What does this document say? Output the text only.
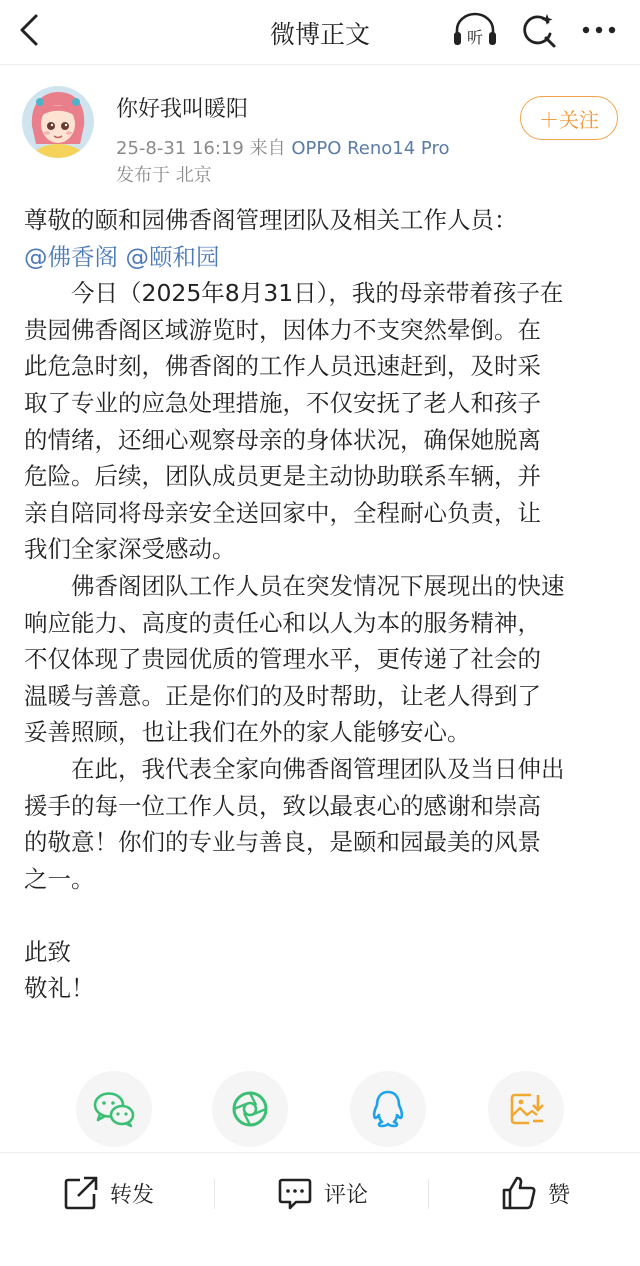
微博正文	听
你好我叫暖阳
25-8-31 16:19 来自 OPPO Reno14 Pro
发布于 北京
＋关注

尊敬的颐和园佛香阁管理团队及相关工作人员：

@佛香阁 @颐和园

今日（2025年8月31日），我的母亲带着孩子在

贵园佛香阁区域游览时，因体力不支突然晕倒。在

此危急时刻，佛香阁的工作人员迅速赶到，及时采

取了专业的应急处理措施，不仅安抚了老人和孩子

的情绪，还细心观察母亲的身体状况，确保她脱离

危险。后续，团队成员更是主动协助联系车辆，并

亲自陪同将母亲安全送回家中，全程耐心负责，让

我们全家深受感动。

佛香阁团队工作人员在突发情况下展现出的快速

响应能力、高度的责任心和以人为本的服务精神，

不仅体现了贵园优质的管理水平，更传递了社会的

温暖与善意。正是你们的及时帮助，让老人得到了

妥善照顾，也让我们在外的家人能够安心。

在此，我代表全家向佛香阁管理团队及当日伸出

援手的每一位工作人员，致以最衷心的感谢和崇高

的敬意！你们的专业与善良，是颐和园最美的风景

之一。

此致

敬礼！

转发	评论	赞
